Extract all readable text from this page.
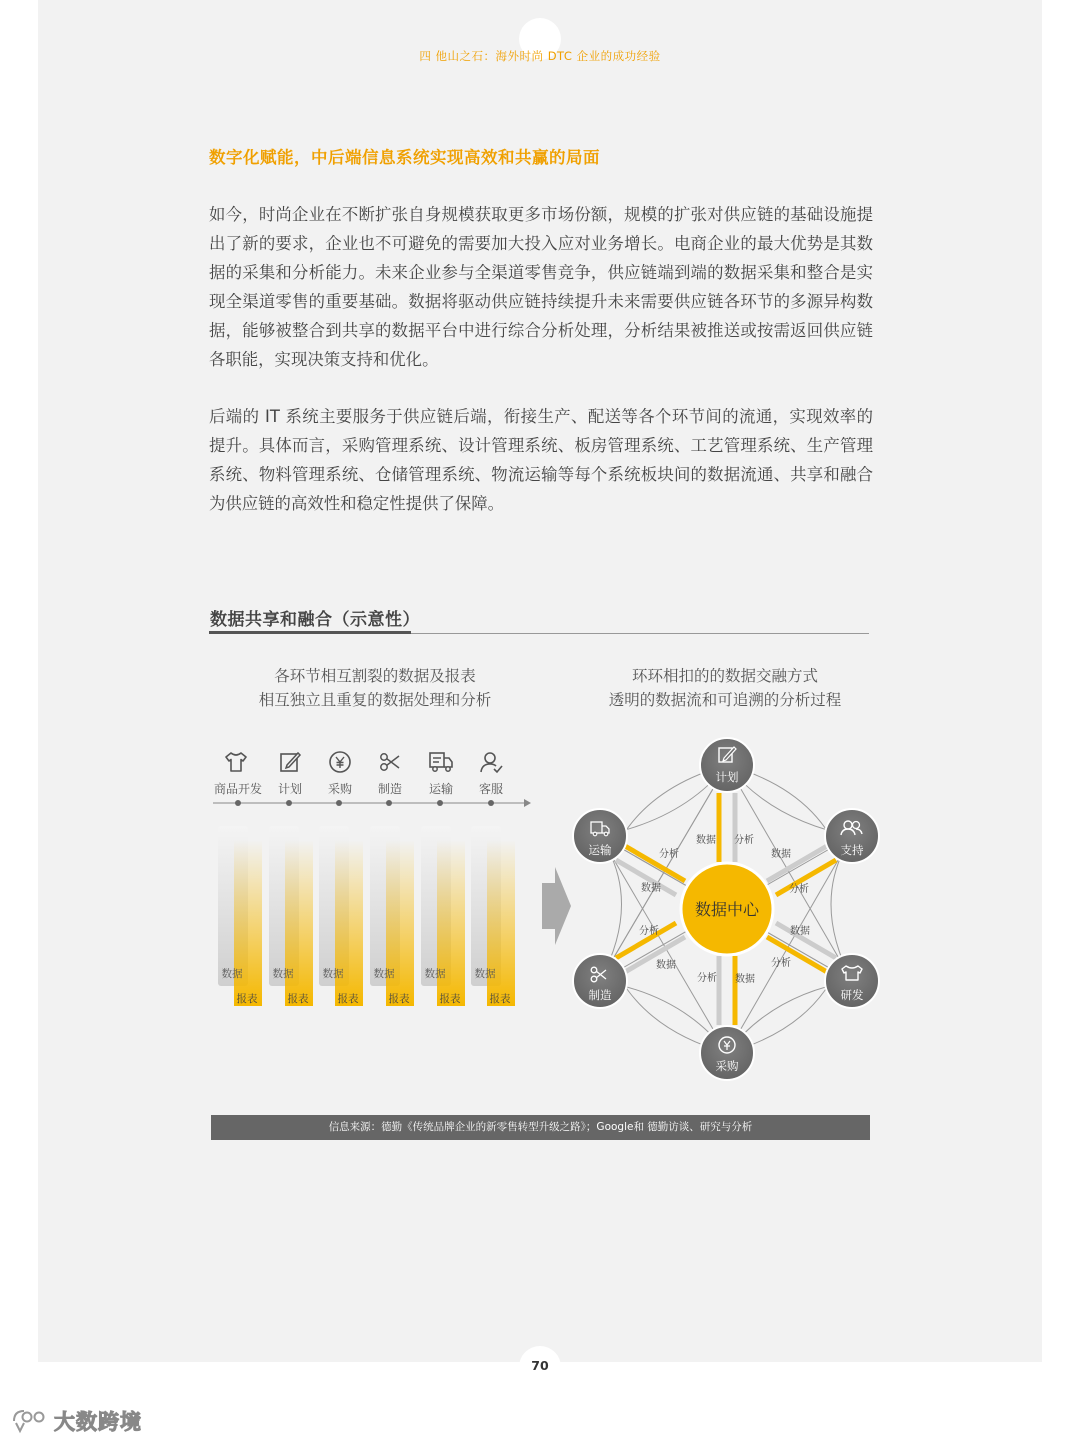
四 他山之石：海外时尚 DTC 企业的成功经验
数字化赋能，中后端信息系统实现高效和共赢的局面

如今，时尚企业在不断扩张自身规模获取更多市场份额，规模的扩张对供应链的基础设施提出了新的要求，企业也不可避免的需要加大投入应对业务增长。电商企业的最大优势是其数据的采集和分析能力。未来企业参与全渠道零售竞争，供应链端到端的数据采集和整合是实现全渠道零售的重要基础。数据将驱动供应链持续提升未来需要供应链各环节的多源异构数据，能够被整合到共享的数据平台中进行综合分析处理，分析结果被推送或按需返回供应链各职能，实现决策支持和优化。

后端的 IT 系统主要服务于供应链后端，衔接生产、配送等各个环节间的流通，实现效率的提升。具体而言，采购管理系统、设计管理系统、板房管理系统、工艺管理系统、生产管理系统、物料管理系统、仓储管理系统、物流运输等每个系统板块间的数据流通、共享和融合为供应链的高效性和稳定性提供了保障。

数据共享和融合（示意性）
各环节相互割裂的数据及报表
相互独立且重复的数据处理和分析
环环相扣的的数据交融方式
透明的数据流和可追溯的分析过程
商品开发	计划	采购	制造	运输	客服
数据	数据	数据	数据	数据	数据
报表	报表	报表	报表	报表	报表
数据 分析
数据
分析
数据
分析
数据
分析
数据
分析
数据
分析
数据中心
计划
支持
研发
采购
制造
运输
信息来源：德勤《传统品牌企业的新零售转型升级之路》；Google和 德勤访谈、研究与分析
70
大数跨境
